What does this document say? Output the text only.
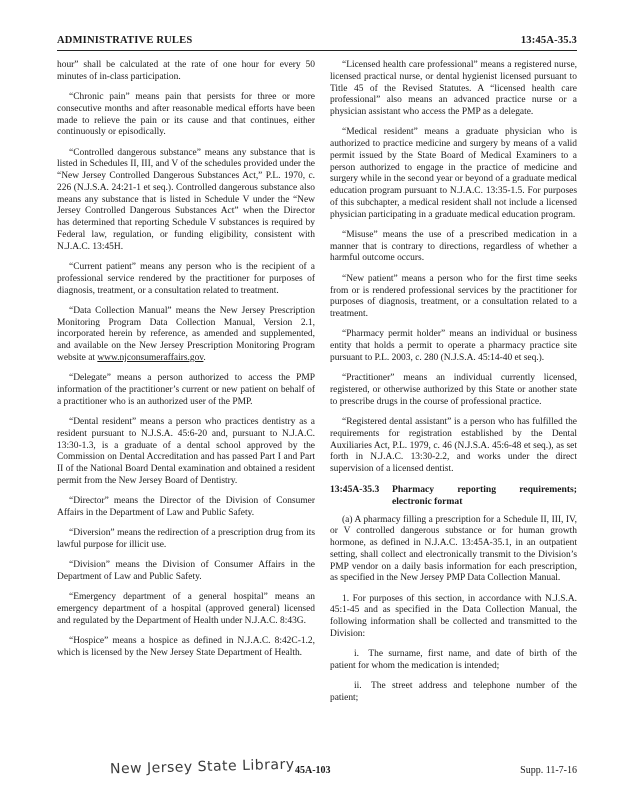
ADMINISTRATIVE RULES	13:45A-35.3

hour” shall be calculated at the rate of one hour for every 50 minutes of in-class participation.

“Chronic pain” means pain that persists for three or more consecutive months and after reasonable medical efforts have been made to relieve the pain or its cause and that continues, either continuously or episodically.

“Controlled dangerous substance” means any substance that is listed in Schedules II, III, and V of the schedules provided under the “New Jersey Controlled Dangerous Substances Act,” P.L. 1970, c. 226 (N.J.S.A. 24:21-1 et seq.). Controlled dangerous substance also means any substance that is listed in Schedule V under the “New Jersey Controlled Dangerous Substances Act” when the Director has determined that reporting Schedule V substances is required by Federal law, regulation, or funding eligibility, consistent with N.J.A.C. 13:45H.

“Current patient” means any person who is the recipient of a professional service rendered by the practitioner for purposes of diagnosis, treatment, or a consultation related to treatment.

“Data Collection Manual” means the New Jersey Prescription Monitoring Program Data Collection Manual, Version 2.1, incorporated herein by reference, as amended and supplemented, and available on the New Jersey Prescription Monitoring Program website at www.njconsumeraffairs.gov.

“Delegate” means a person authorized to access the PMP information of the practitioner’s current or new patient on behalf of a practitioner who is an authorized user of the PMP.

“Dental resident” means a person who practices dentistry as a resident pursuant to N.J.S.A. 45:6-20 and, pursuant to N.J.A.C. 13:30-1.3, is a graduate of a dental school approved by the Commission on Dental Accreditation and has passed Part I and Part II of the National Board Dental examination and obtained a resident permit from the New Jersey Board of Dentistry.

“Director” means the Director of the Division of Consumer Affairs in the Department of Law and Public Safety.

“Diversion” means the redirection of a prescription drug from its lawful purpose for illicit use.

“Division” means the Division of Consumer Affairs in the Department of Law and Public Safety.

“Emergency department of a general hospital” means an emergency department of a hospital (approved general) licensed and regulated by the Department of Health under N.J.A.C. 8:43G.

“Hospice” means a hospice as defined in N.J.A.C. 8:42C-1.2, which is licensed by the New Jersey State Department of Health.

“Licensed health care professional” means a registered nurse, licensed practical nurse, or dental hygienist licensed pursuant to Title 45 of the Revised Statutes. A “licensed health care professional” also means an advanced practice nurse or a physician assistant who access the PMP as a delegate.

“Medical resident” means a graduate physician who is authorized to practice medicine and surgery by means of a valid permit issued by the State Board of Medical Examiners to a person authorized to engage in the practice of medicine and surgery while in the second year or beyond of a graduate medical education program pursuant to N.J.A.C. 13:35-1.5. For purposes of this subchapter, a medical resident shall not include a licensed physician participating in a graduate medical education program.

“Misuse” means the use of a prescribed medication in a manner that is contrary to directions, regardless of whether a harmful outcome occurs.

“New patient” means a person who for the first time seeks from or is rendered professional services by the practitioner for purposes of diagnosis, treatment, or a consultation related to a treatment.

“Pharmacy permit holder” means an individual or business entity that holds a permit to operate a pharmacy practice site pursuant to P.L. 2003, c. 280 (N.J.S.A. 45:14-40 et seq.).

“Practitioner” means an individual currently licensed, registered, or otherwise authorized by this State or another state to prescribe drugs in the course of professional practice.

“Registered dental assistant” is a person who has fulfilled the requirements for registration established by the Dental Auxiliaries Act, P.L. 1979, c. 46 (N.J.S.A. 45:6-48 et seq.), as set forth in N.J.A.C. 13:30-2.2, and works under the direct supervision of a licensed dentist.

13:45A-35.3	Pharmacy reporting requirements; electronic format

(a) A pharmacy filling a prescription for a Schedule II, III, IV, or V controlled dangerous substance or for human growth hormone, as defined in N.J.A.C. 13:45A-35.1, in an outpatient setting, shall collect and electronically transmit to the Division’s PMP vendor on a daily basis information for each prescription, as specified in the New Jersey PMP Data Collection Manual.

1. For purposes of this section, in accordance with N.J.S.A. 45:1-45 and as specified in the Data Collection Manual, the following information shall be collected and transmitted to the Division:

i. The surname, first name, and date of birth of the patient for whom the medication is intended;

ii. The street address and telephone number of the patient;

New Jersey State Library 45A-103	Supp. 11-7-16
